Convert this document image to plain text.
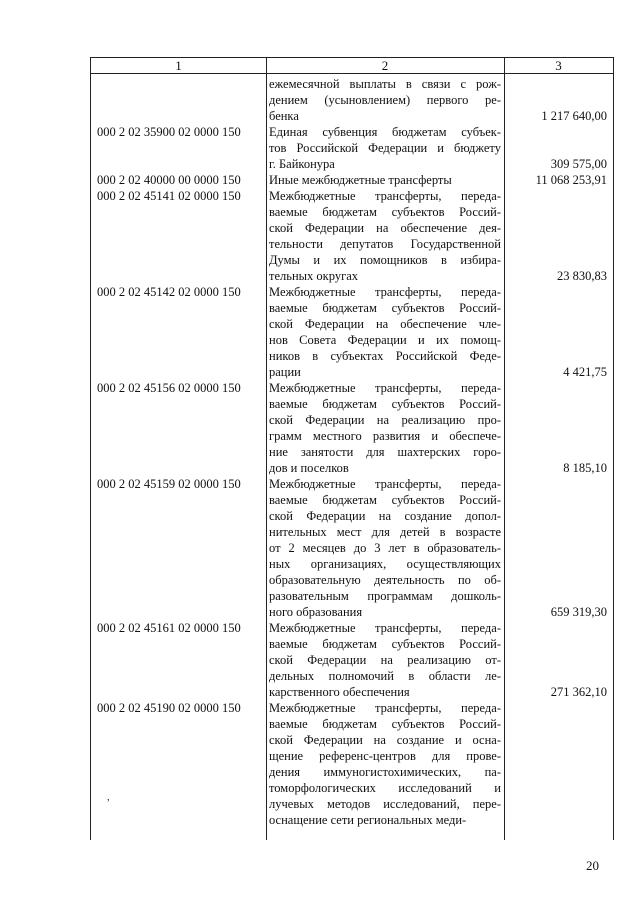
1	2	3
ежемесячной выплаты в связи с рож-
дением (усыновлением) первого ре-
бенка	1 217 640,00
000 2 02 35900 02 0000 150 Единая субвенция бюджетам субъек-
тов Российской Федерации и бюджету
г. Байконура	309 575,00
000 2 02 40000 00 0000 150 Иные межбюджетные трансферты	11 068 253,91
000 2 02 45141 02 0000 150 Межбюджетные трансферты, переда-
ваемые бюджетам субъектов Россий-
ской Федерации на обеспечение дея-
тельности депутатов Государственной
Думы и их помощников в избира-
тельных округах	23 830,83
000 2 02 45142 02 0000 150 Межбюджетные трансферты, переда-
ваемые бюджетам субъектов Россий-
ской Федерации на обеспечение чле-
нов Совета Федерации и их помощ-
ников в субъектах Российской Феде-
рации	4 421,75
000 2 02 45156 02 0000 150 Межбюджетные трансферты, переда-
ваемые бюджетам субъектов Россий-
ской Федерации на реализацию про-
грамм местного развития и обеспече-
ние занятости для шахтерских горо-
дов и поселков	8 185,10
000 2 02 45159 02 0000 150 Межбюджетные трансферты, переда-
ваемые бюджетам субъектов Россий-
ской Федерации на создание допол-
нительных мест для детей в возрасте
от 2 месяцев до 3 лет в образователь-
ных организациях, осуществляющих
образовательную деятельность по об-
разовательным программам дошколь-
ного образования	659 319,30
000 2 02 45161 02 0000 150 Межбюджетные трансферты, переда-
ваемые бюджетам субъектов Россий-
ской Федерации на реализацию от-
дельных полномочий в области ле-
карственного обеспечения	271 362,10
000 2 02 45190 02 0000 150 Межбюджетные трансферты, переда-
ваемые бюджетам субъектов Россий-
ской Федерации на создание и осна-
щение референс-центров для прове-
дения иммуногистохимических, па-
томорфологических исследований и
лучевых методов исследований, пере-
оснащение сети региональных меди-
,
20
